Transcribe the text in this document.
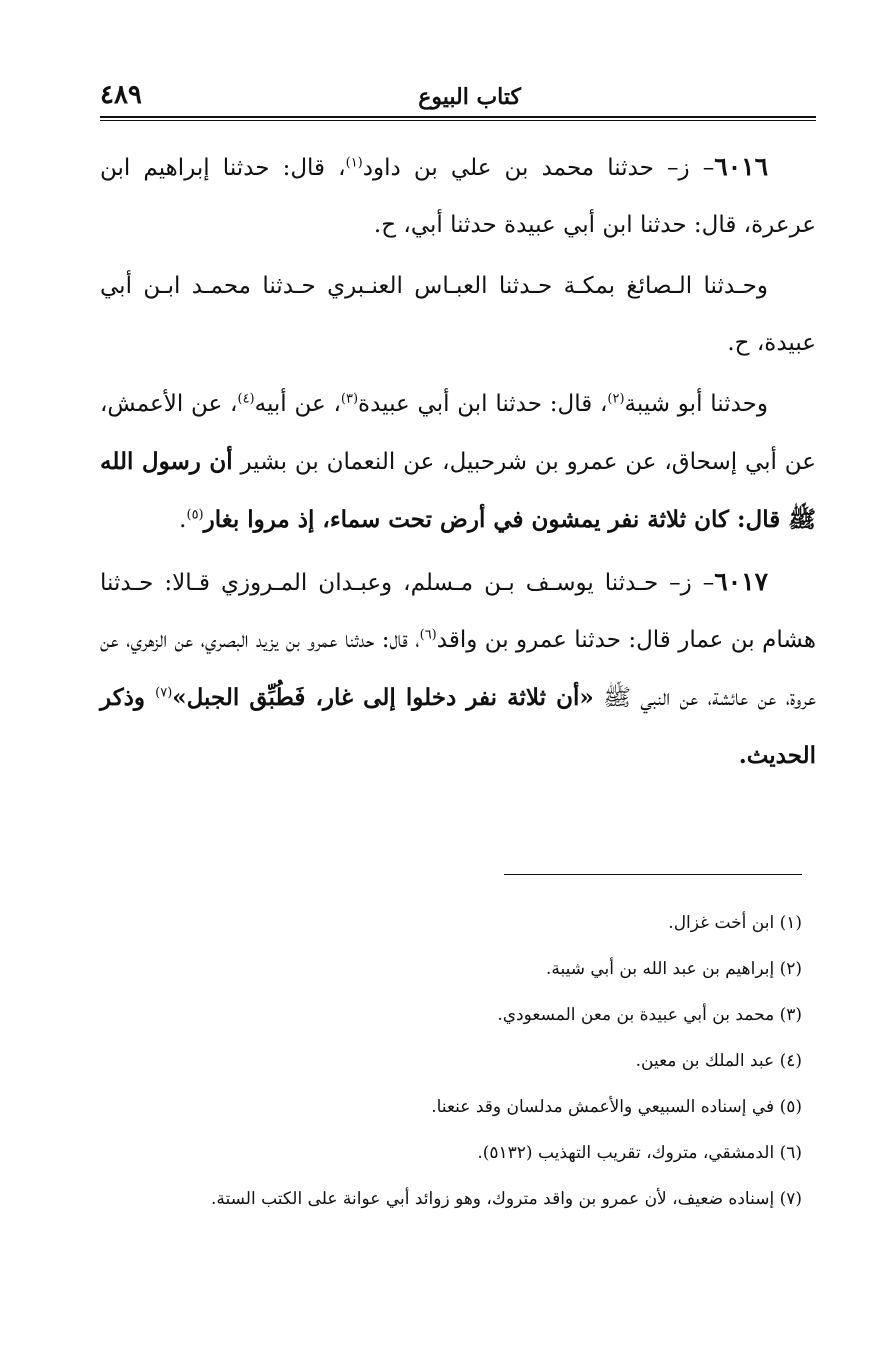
كتاب البيوع
٤٨٩

٦٠١٦– ز– حدثنا محمد بن علي بن داود$^{(١)}$، قال: حدثنا إبراهيم ابن عرعرة، قال: حدثنا ابن أبي عبيدة حدثنا أبي، ح.

وحـدثنا الـصائغ بمكـة حـدثنا العبـاس العنـبري حـدثنا محمـد ابـن أبي عبيدة، ح.

وحدثنا أبو شيبة$^{(٢)}$، قال: حدثنا ابن أبي عبيدة$^{(٣)}$، عن أبيه$^{(٤)}$، عن الأعمش، عن أبي إسحاق، عن عمرو بن شرحبيل، عن النعمان بن بشير أن رسول الله ﷺ قال: كان ثلاثة نفر يمشون في أرض تحت سماء، إذ مروا بغار$^{(٥)}$.

٦٠١٧– ز– حـدثنا يوسـف بـن مـسلم، وعبـدان المـروزي قـالا: حـدثنا هشام بن عمار قال: حدثنا عمرو بن واقد$^{(٦)}$، قال: حدثنا عمرو بن يزيد البصري، عن الزهري، عن عروة، عن عائشة، عن النبي ﷺ «أن ثلاثة نفر دخلوا إلى غار، فَطُبِّق الجبل»$^{(٧)}$ وذكر الحديث.

(١) ابن أخت غزال.

(٢) إبراهيم بن عبد الله بن أبي شيبة.

(٣) محمد بن أبي عبيدة بن معن المسعودي.

(٤) عبد الملك بن معين.

(٥) في إسناده السبيعي والأعمش مدلسان وقد عنعنا.

(٦) الدمشقي، متروك، تقريب التهذيب (٥١٣٢).

(٧) إسناده ضعيف، لأن عمرو بن واقد متروك، وهو زوائد أبي عوانة على الكتب الستة.
